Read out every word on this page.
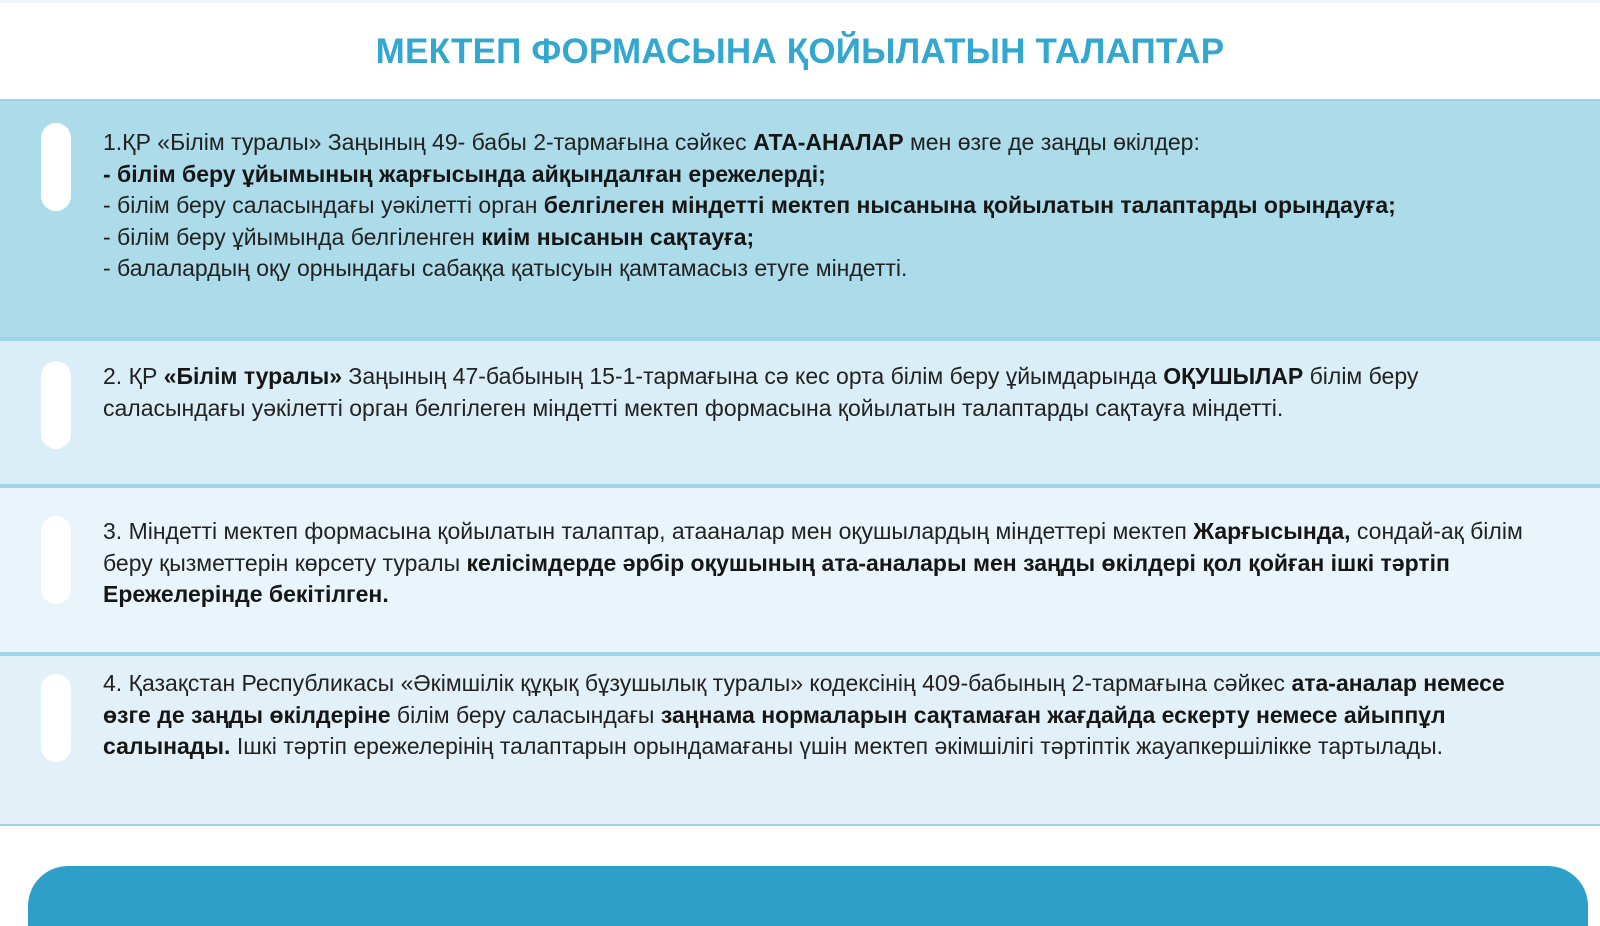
МЕКТЕП ФОРМАСЫНА ҚОЙЫЛАТЫН ТАЛАПТАР

1.ҚР «Білім туралы» Заңының 49- бабы 2-тармағына сәйкес АТА-АНАЛАР мен өзге де заңды өкілдер:

- білім беру ұйымының жарғысында айқындалған ережелерді;

- білім беру саласындағы уәкілетті орган белгілеген міндетті мектеп нысанына қойылатын талаптарды орындауға;

- білім беру ұйымында белгіленген киім нысанын сақтауға;

- балалардың оқу орнындағы сабаққа қатысуын қамтамасыз етуге міндетті.

2. ҚР «Білім туралы» Заңының 47-бабының 15-1-тармағына сә кес орта білім беру ұйымдарында ОҚУШЫЛАР білім беру саласындағы уәкілетті орган белгілеген міндетті мектеп формасына қойылатын талаптарды сақтауға міндетті.

3. Міндетті мектеп формасына қойылатын талаптар, атааналар мен оқушылардың міндеттері мектеп Жарғысында, сондай-ақ білім беру қызметтерін көрсету туралы келісімдерде әрбір оқушының ата-аналары мен заңды өкілдері қол қойған ішкі тәртіп Ережелерінде бекітілген.

4. Қазақстан Республикасы «Әкімшілік құқық бұзушылық туралы» кодексінің 409-бабының 2-тармағына сәйкес ата-аналар немесе өзге де заңды өкілдеріне білім беру саласындағы заңнама нормаларын сақтамаған жағдайда ескерту немесе айыппұл салынады. Ішкі тәртіп ережелерінің талаптарын орындамағаны үшін мектеп әкімшілігі тәртіптік жауапкершілікке тартылады.
